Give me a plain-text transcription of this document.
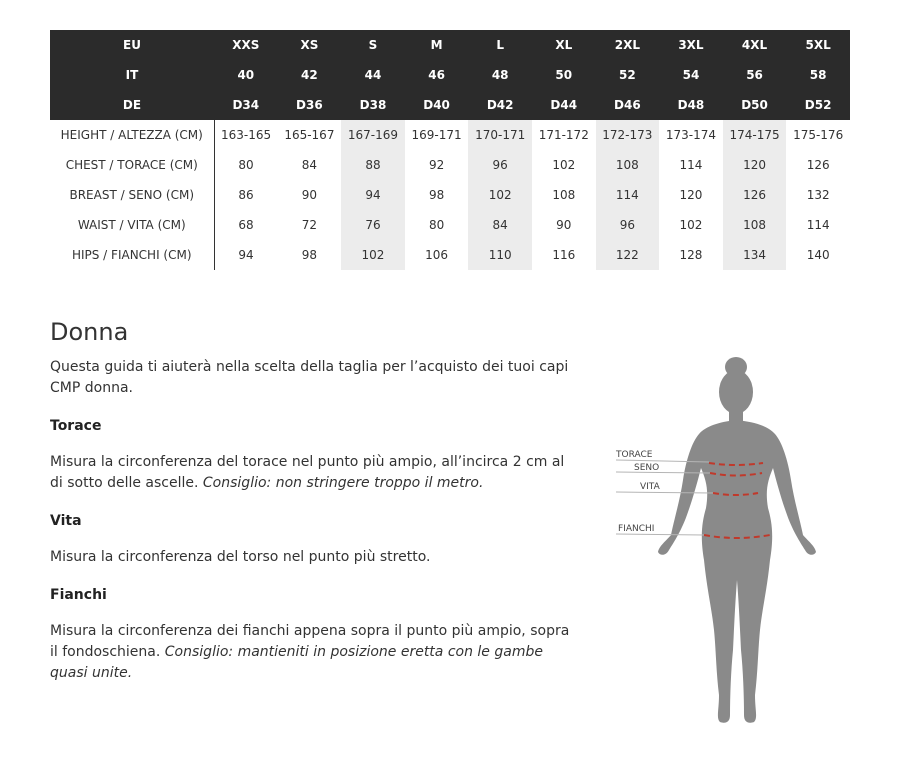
EU	XXS	XS	S	M	L	XL	2XL	3XL	4XL	5XL
IT	40	42	44	46	48	50	52	54	56	58
DE	D34	D36	D38	D40	D42	D44	D46	D48	D50	D52
HEIGHT / ALTEZZA (CM)	163-165	165-167	167-169	169-171	170-171	171-172	172-173	173-174	174-175	175-176
CHEST / TORACE (CM)	80	84	88	92	96	102	108	114	120	126
BREAST / SENO (CM)	86	90	94	98	102	108	114	120	126	132
WAIST / VITA (CM)	68	72	76	80	84	90	96	102	108	114
HIPS / FIANCHI (CM)	94	98	102	106	110	116	122	128	134	140
Donna

Questa guida ti aiuterà nella scelta della taglia per l’acquisto dei tuoi capi CMP donna.

Torace

Misura la circonferenza del torace nel punto più ampio, all’incirca 2 cm al di sotto delle ascelle. Consiglio: non stringere troppo il metro.

Vita

Misura la circonferenza del torso nel punto più stretto.

Fianchi

Misura la circonferenza dei fianchi appena sopra il punto più ampio, sopra il fondoschiena. Consiglio: mantieniti in posizione eretta con le gambe quasi unite.

TORACE
SENO
VITA
FIANCHI
